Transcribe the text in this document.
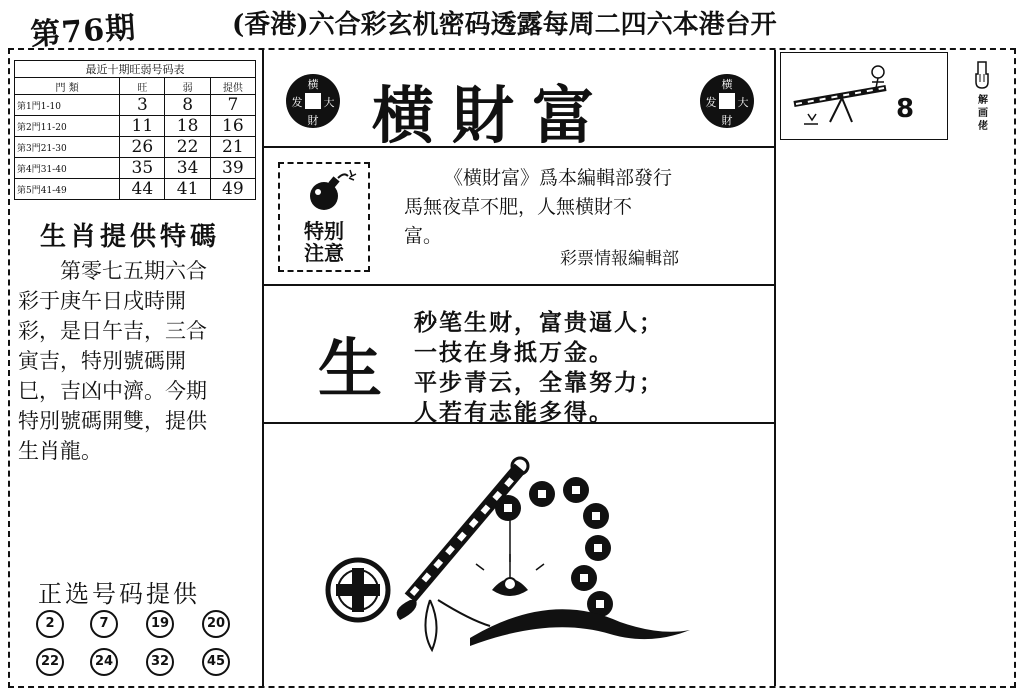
第76期	(香港)六合彩玄机密码透露每周二四六本港台开
最近十期旺弱号码表			
門 類	旺	弱	提供
第1門1-10	3	8	7
第2門11-20	11	18	16
第3門21-30	26	22	21
第4門31-40	35	34	39
第5門41-49	44	41	49
生肖提供特碼
第零七五期六合
彩于庚午日戌時開
彩，是日午吉，三合
寅吉，特別號碼開
巳，吉凶中濟。今期
特別號碼開雙，提供
生肖龍。
正选号码提供
2	7	19	20
22	24	32	45
横
大
財
发 横財富	横
大
財
发
特别
注意
《横財富》爲本編輯部發行
馬無夜草不肥，人無横財不
富。
彩票情報編輯部
生
秒笔生财，富贵逼人；
一技在身抵万金。
平步青云，全靠努力；
人若有志能多得。
8	解画佬
